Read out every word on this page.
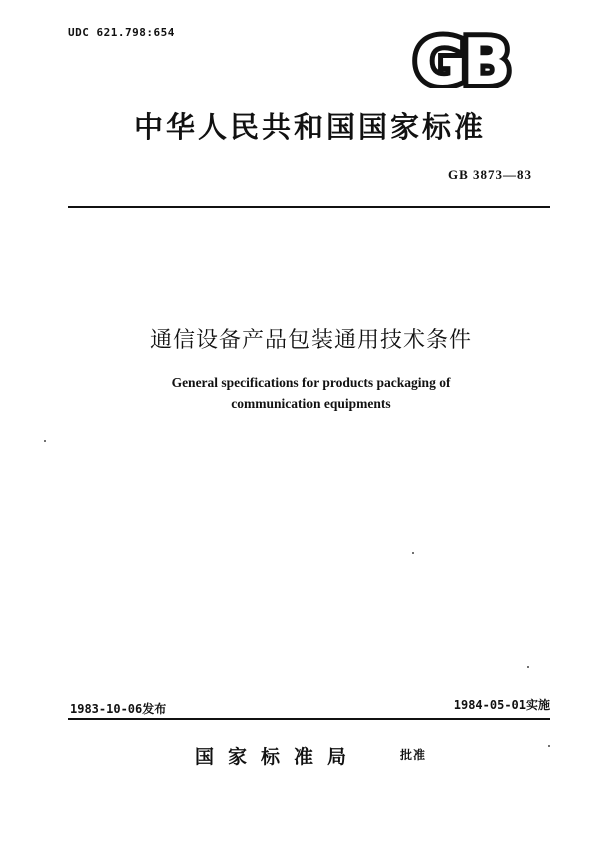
UDC 621.798:654	GB
中华人民共和国国家标准
GB 3873—83
通信设备产品包装通用技术条件
General specifications for products packaging of
communication equipments
1983-10-06发布	1984-05-01实施
国家标准局	批准
